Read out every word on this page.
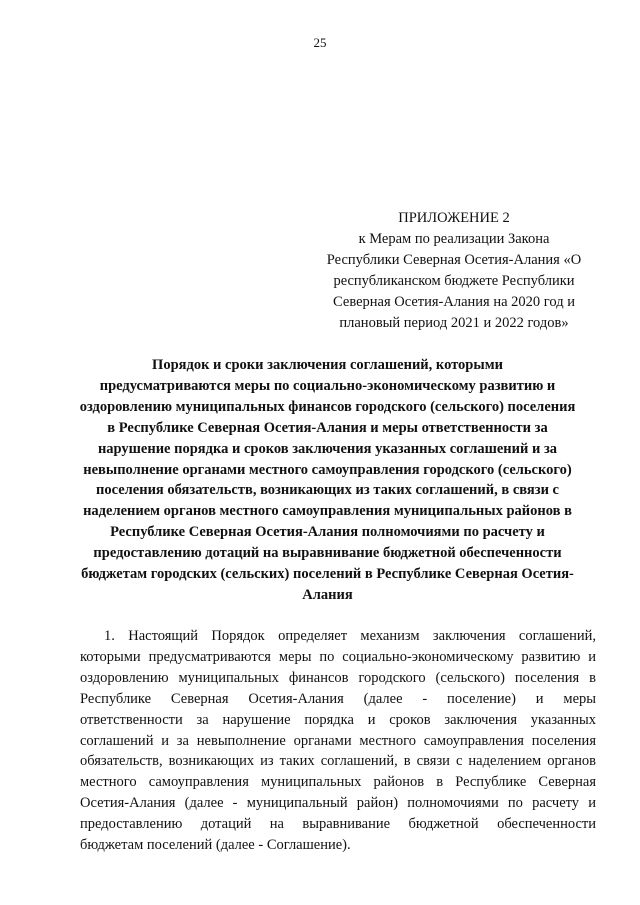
25
ПРИЛОЖЕНИЕ 2
к Мерам по реализации Закона
Республики Северная Осетия-Алания «О
республиканском бюджете Республики
Северная Осетия-Алания на 2020 год и
плановый период 2021 и 2022 годов»
Порядок и сроки заключения соглашений, которыми
предусматриваются меры по социально-экономическому развитию и
оздоровлению муниципальных финансов городского (сельского) поселения
в Республике Северная Осетия-Алания и меры ответственности за
нарушение порядка и сроков заключения указанных соглашений и за
невыполнение органами местного самоуправления городского (сельского)
поселения обязательств, возникающих из таких соглашений, в связи с
наделением органов местного самоуправления муниципальных районов в
Республике Северная Осетия-Алания полномочиями по расчету и
предоставлению дотаций на выравнивание бюджетной обеспеченности
бюджетам городских (сельских) поселений в Республике Северная Осетия-
Алания
1. Настоящий Порядок определяет механизм заключения соглашений,
которыми предусматриваются меры по социально-экономическому развитию и
оздоровлению муниципальных финансов городского (сельского) поселения в
Республике Северная Осетия-Алания (далее - поселение) и меры
ответственности за нарушение порядка и сроков заключения указанных
соглашений и за невыполнение органами местного самоуправления поселения
обязательств, возникающих из таких соглашений, в связи с наделением органов
местного самоуправления муниципальных районов в Республике Северная
Осетия-Алания (далее - муниципальный район) полномочиями по расчету и
предоставлению дотаций на выравнивание бюджетной обеспеченности
бюджетам поселений (далее - Соглашение).
